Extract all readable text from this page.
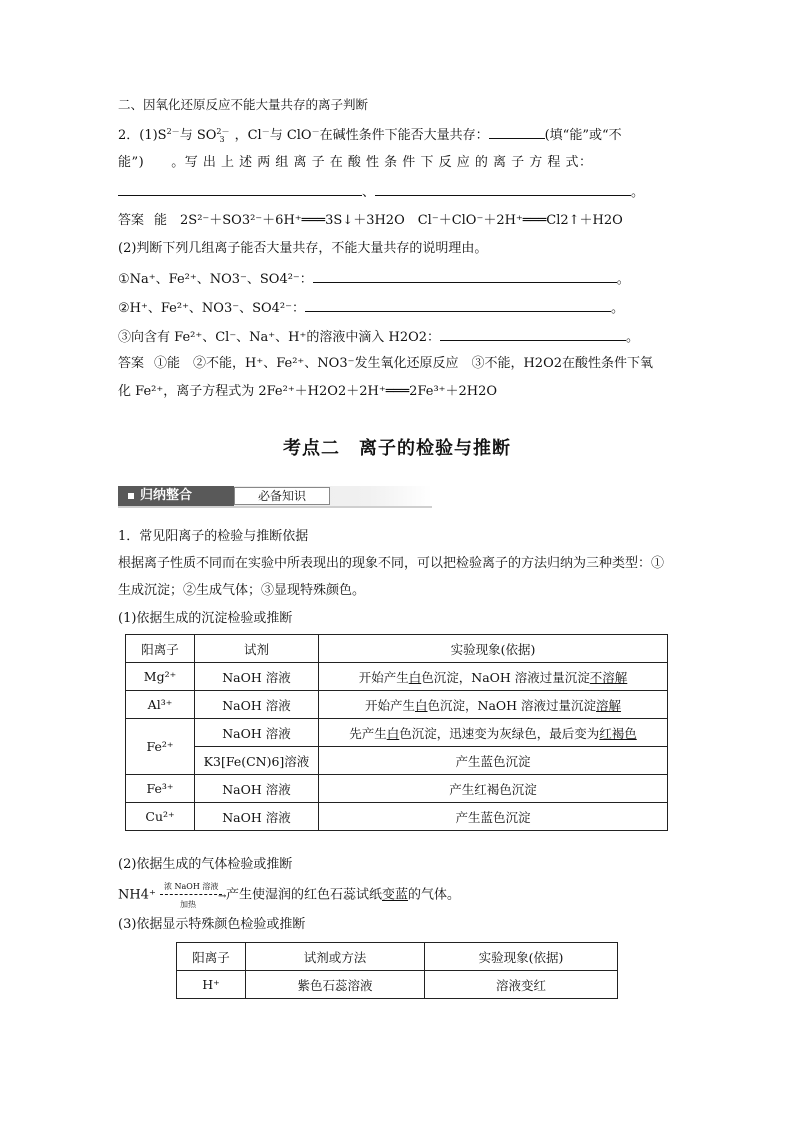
二、因氧化还原反应不能大量共存的离子判断
2．$(1)S^{2-}$与 $SO^{2-}_3$ ，Cl－与 ClO－在碱性条件下能否大量共存：	(填“能”或“不
能”)　　。写 出 上 述 两 组 离 子 在 酸 性 条 件 下 反 应 的 离 子 方 程 式：
、	。
答案 能　2S²⁻＋SO3²⁻＋6H⁺═══3S↓＋3H2O　Cl⁻＋ClO⁻＋2H⁺═══Cl2↑＋H2O
(2)判断下列几组离子能否大量共存，不能大量共存的说明理由。
①Na⁺、Fe²⁺、NO3⁻、SO4²⁻：	。
②H⁺、Fe²⁺、NO3⁻、SO4²⁻：	。
③向含有 Fe²⁺、Cl⁻、Na⁺、H⁺的溶液中滴入 H2O2：	。
答案 ①能　②不能，H⁺、Fe²⁺、NO3⁻发生氧化还原反应　③不能，H2O2在酸性条件下氧
化 Fe²⁺，离子方程式为 2Fe²⁺＋H2O2＋2H⁺═══2Fe³⁺＋2H2O
考点二　离子的检验与推断
归纳整合	必备知识
1．常见阳离子的检验与推断依据
根据离子性质不同而在实验中所表现出的现象不同，可以把检验离子的方法归纳为三种类型：①
生成沉淀；②生成气体；③显现特殊颜色。
(1)依据生成的沉淀检验或推断
阳离子	试剂	实验现象(依据)
Mg²⁺	NaOH 溶液	开始产生白色沉淀，NaOH 溶液过量沉淀不溶解
Al³⁺	NaOH 溶液	开始产生白色沉淀，NaOH 溶液过量沉淀溶解
Fe²⁺	NaOH 溶液	先产生白色沉淀，迅速变为灰绿色，最后变为红褐色
	K3[Fe(CN)6]溶液	产生蓝色沉淀
Fe³⁺	NaOH 溶液	产生红褐色沉淀
Cu²⁺	NaOH 溶液	产生蓝色沉淀
(2)依据生成的气体检验或推断
NH4⁺
浓 NaOH 溶液
→
加热
产生使湿润的红色石蕊试纸变蓝的气体。
(3)依据显示特殊颜色检验或推断
阳离子	试剂或方法	实验现象(依据)
H⁺	紫色石蕊溶液	溶液变红
